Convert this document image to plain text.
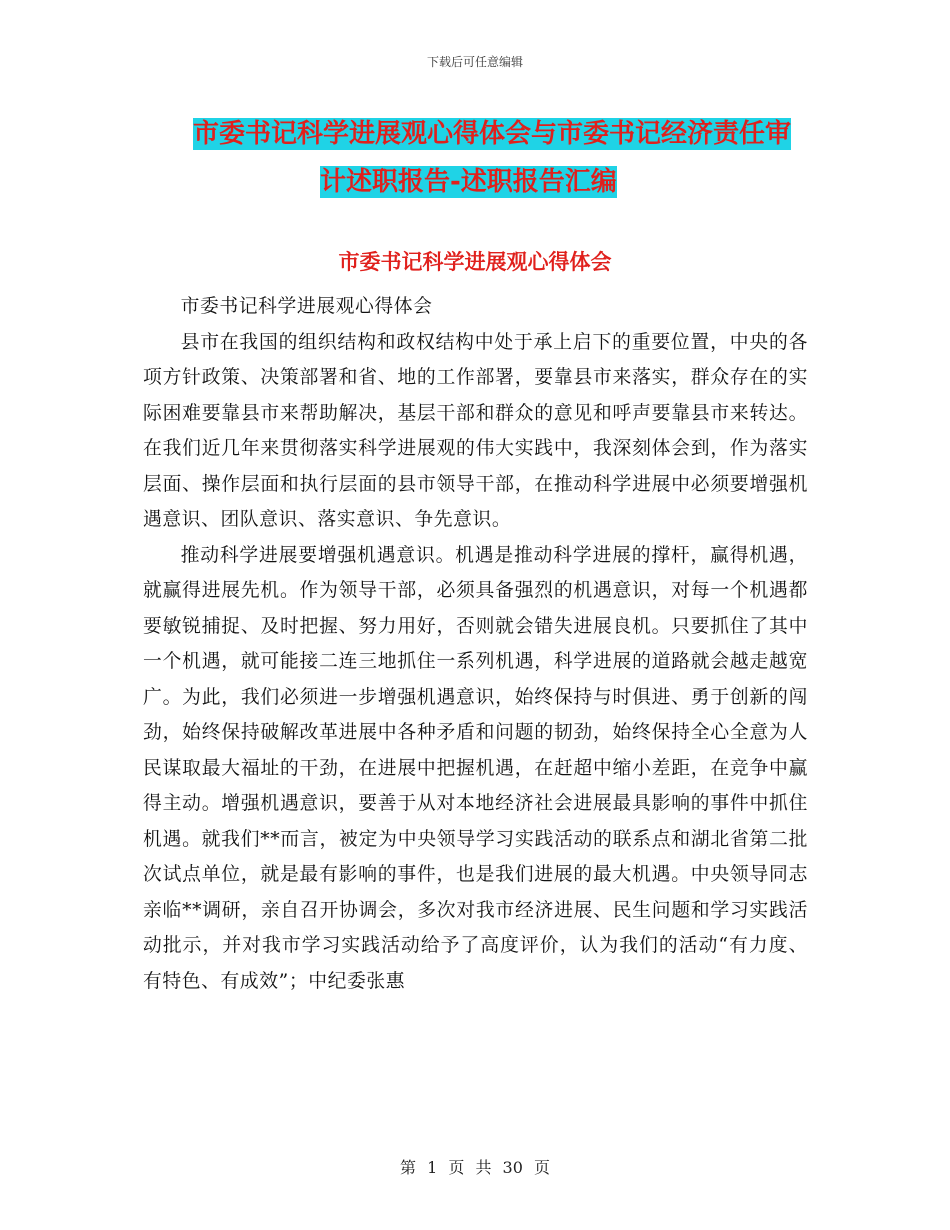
下载后可任意编辑
市委书记科学进展观心得体会与市委书记经济责任审
计述职报告-述职报告汇编
市委书记科学进展观心得体会

市委书记科学进展观心得体会

县市在我国的组织结构和政权结构中处于承上启下的重要位置，中央的各项方针政策、决策部署和省、地的工作部署，要靠县市来落实，群众存在的实际困难要靠县市来帮助解决，基层干部和群众的意见和呼声要靠县市来转达。在我们近几年来贯彻落实科学进展观的伟大实践中，我深刻体会到，作为落实层面、操作层面和执行层面的县市领导干部，在推动科学进展中必须要增强机遇意识、团队意识、落实意识、争先意识。

推动科学进展要增强机遇意识。机遇是推动科学进展的撑杆，赢得机遇，就赢得进展先机。作为领导干部，必须具备强烈的机遇意识，对每一个机遇都要敏锐捕捉、及时把握、努力用好，否则就会错失进展良机。只要抓住了其中一个机遇，就可能接二连三地抓住一系列机遇，科学进展的道路就会越走越宽广。为此，我们必须进一步增强机遇意识，始终保持与时俱进、勇于创新的闯劲，始终保持破解改革进展中各种矛盾和问题的韧劲，始终保持全心全意为人民谋取最大福址的干劲，在进展中把握机遇，在赶超中缩小差距，在竞争中赢得主动。增强机遇意识，要善于从对本地经济社会进展最具影响的事件中抓住机遇。就我们**而言，被定为中央领导学习实践活动的联系点和湖北省第二批次试点单位，就是最有影响的事件，也是我们进展的最大机遇。中央领导同志亲临**调研，亲自召开协调会，多次对我市经济进展、民生问题和学习实践活动批示，并对我市学习实践活动给予了高度评价，认为我们的活动“有力度、有特色、有成效”；中纪委张惠

第 1 页 共 30 页
